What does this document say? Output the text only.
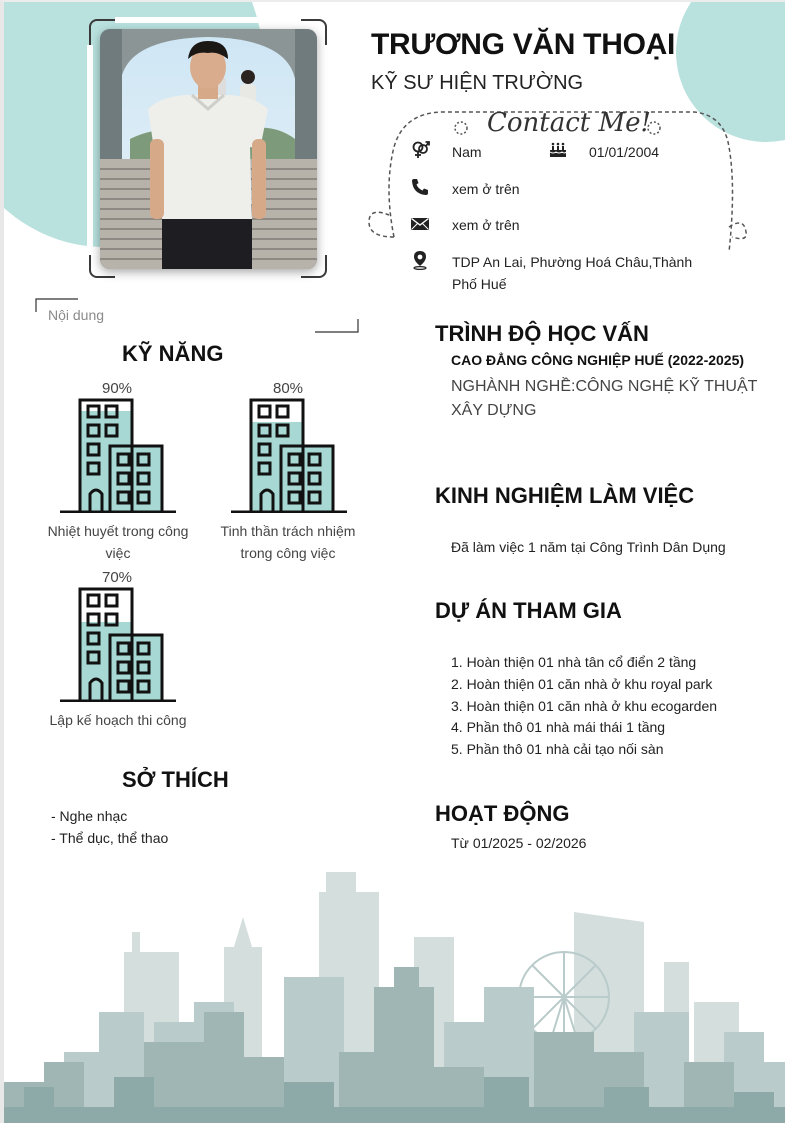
TRƯƠNG VĂN THOẠI
KỸ SƯ HIỆN TRƯỜNG
Contact Me!
Nam	01/01/2004
xem ở trên
xem ở trên
TDP An Lai, Phường Hoá Châu,Thành Phố Huế
Nội dung
KỸ NĂNG
90%
Nhiệt huyết trong công việc
80%
Tinh thần trách nhiệm trong công việc
70%
Lập kế hoạch thi công
SỞ THÍCH
- Nghe nhạc
- Thể dục, thể thao
TRÌNH ĐỘ HỌC VẤN
CAO ĐẲNG CÔNG NGHIỆP HUẾ (2022-2025)
NGHÀNH NGHỀ:CÔNG NGHỆ KỸ THUẬT XÂY DỰNG
KINH NGHIỆM LÀM VIỆC
Đã làm việc 1 năm tại Công Trình Dân Dụng
DỰ ÁN THAM GIA
1. Hoàn thiện 01 nhà tân cổ điển 2 tầng
2. Hoàn thiện 01 căn nhà ở khu royal park
3. Hoàn thiện 01 căn nhà ở khu ecogarden
4. Phần thô 01 nhà mái thái 1 tầng
5. Phần thô 01 nhà cải tạo nối sàn
HOẠT ĐỘNG
Từ 01/2025 - 02/2026
